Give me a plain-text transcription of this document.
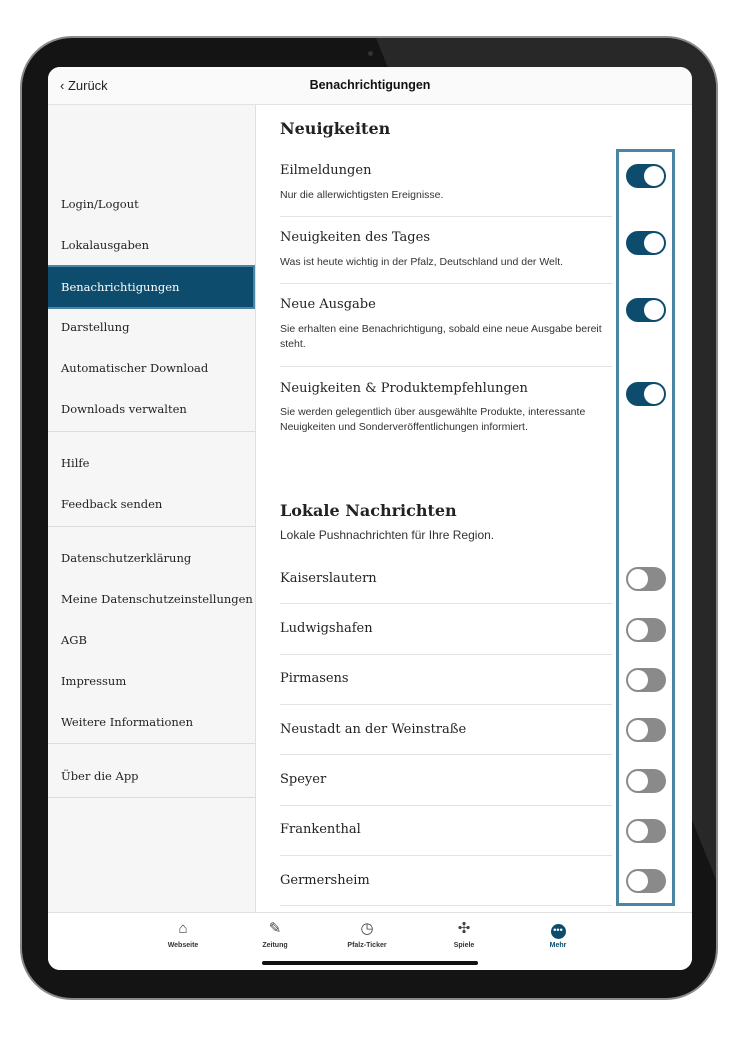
‹ Zurück	Benachrichtigungen
Login/Logout
Lokalausgaben
Benachrichtigungen
Darstellung
Automatischer Download
Downloads verwalten
Hilfe
Feedback senden
Datenschutzerklärung
Meine Datenschutzeinstellungen
AGB
Impressum
Weitere Informationen
Über die App
Neuigkeiten
Eilmeldungen
Nur die allerwichtigsten Ereignisse.
Neuigkeiten des Tages
Was ist heute wichtig in der Pfalz, Deutschland und der Welt.
Neue Ausgabe
Sie erhalten eine Benachrichtigung, sobald eine neue Ausgabe bereit steht.
Neuigkeiten & Produktempfehlungen
Sie werden gelegentlich über ausgewählte Produkte, interessante Neuigkeiten und Sonderveröffentlichungen informiert.
Lokale Nachrichten
Lokale Pushnachrichten für Ihre Region.
Kaiserslautern
Ludwigshafen
Pirmasens
Neustadt an der Weinstraße
Speyer
Frankenthal
Germersheim
⌂
Webseite
✎
Zeitung
◷
Pfalz-Ticker
✣
Spiele
•••
Mehr
